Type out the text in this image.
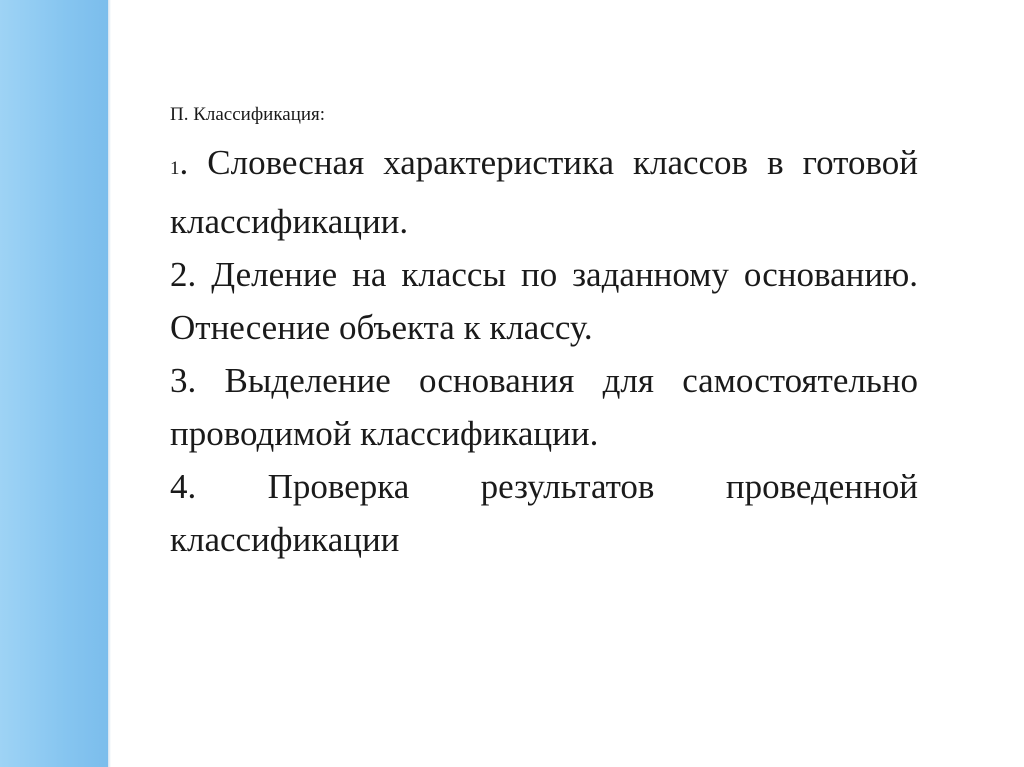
П. Классификация:

1. Словесная характеристика классов в готовой классификации.

2. Деление на классы по заданному основанию. Отнесение объекта к классу.

3. Выделение основания для самостоятельно проводимой классификации.

4. Проверка результатов проведенной классификации
